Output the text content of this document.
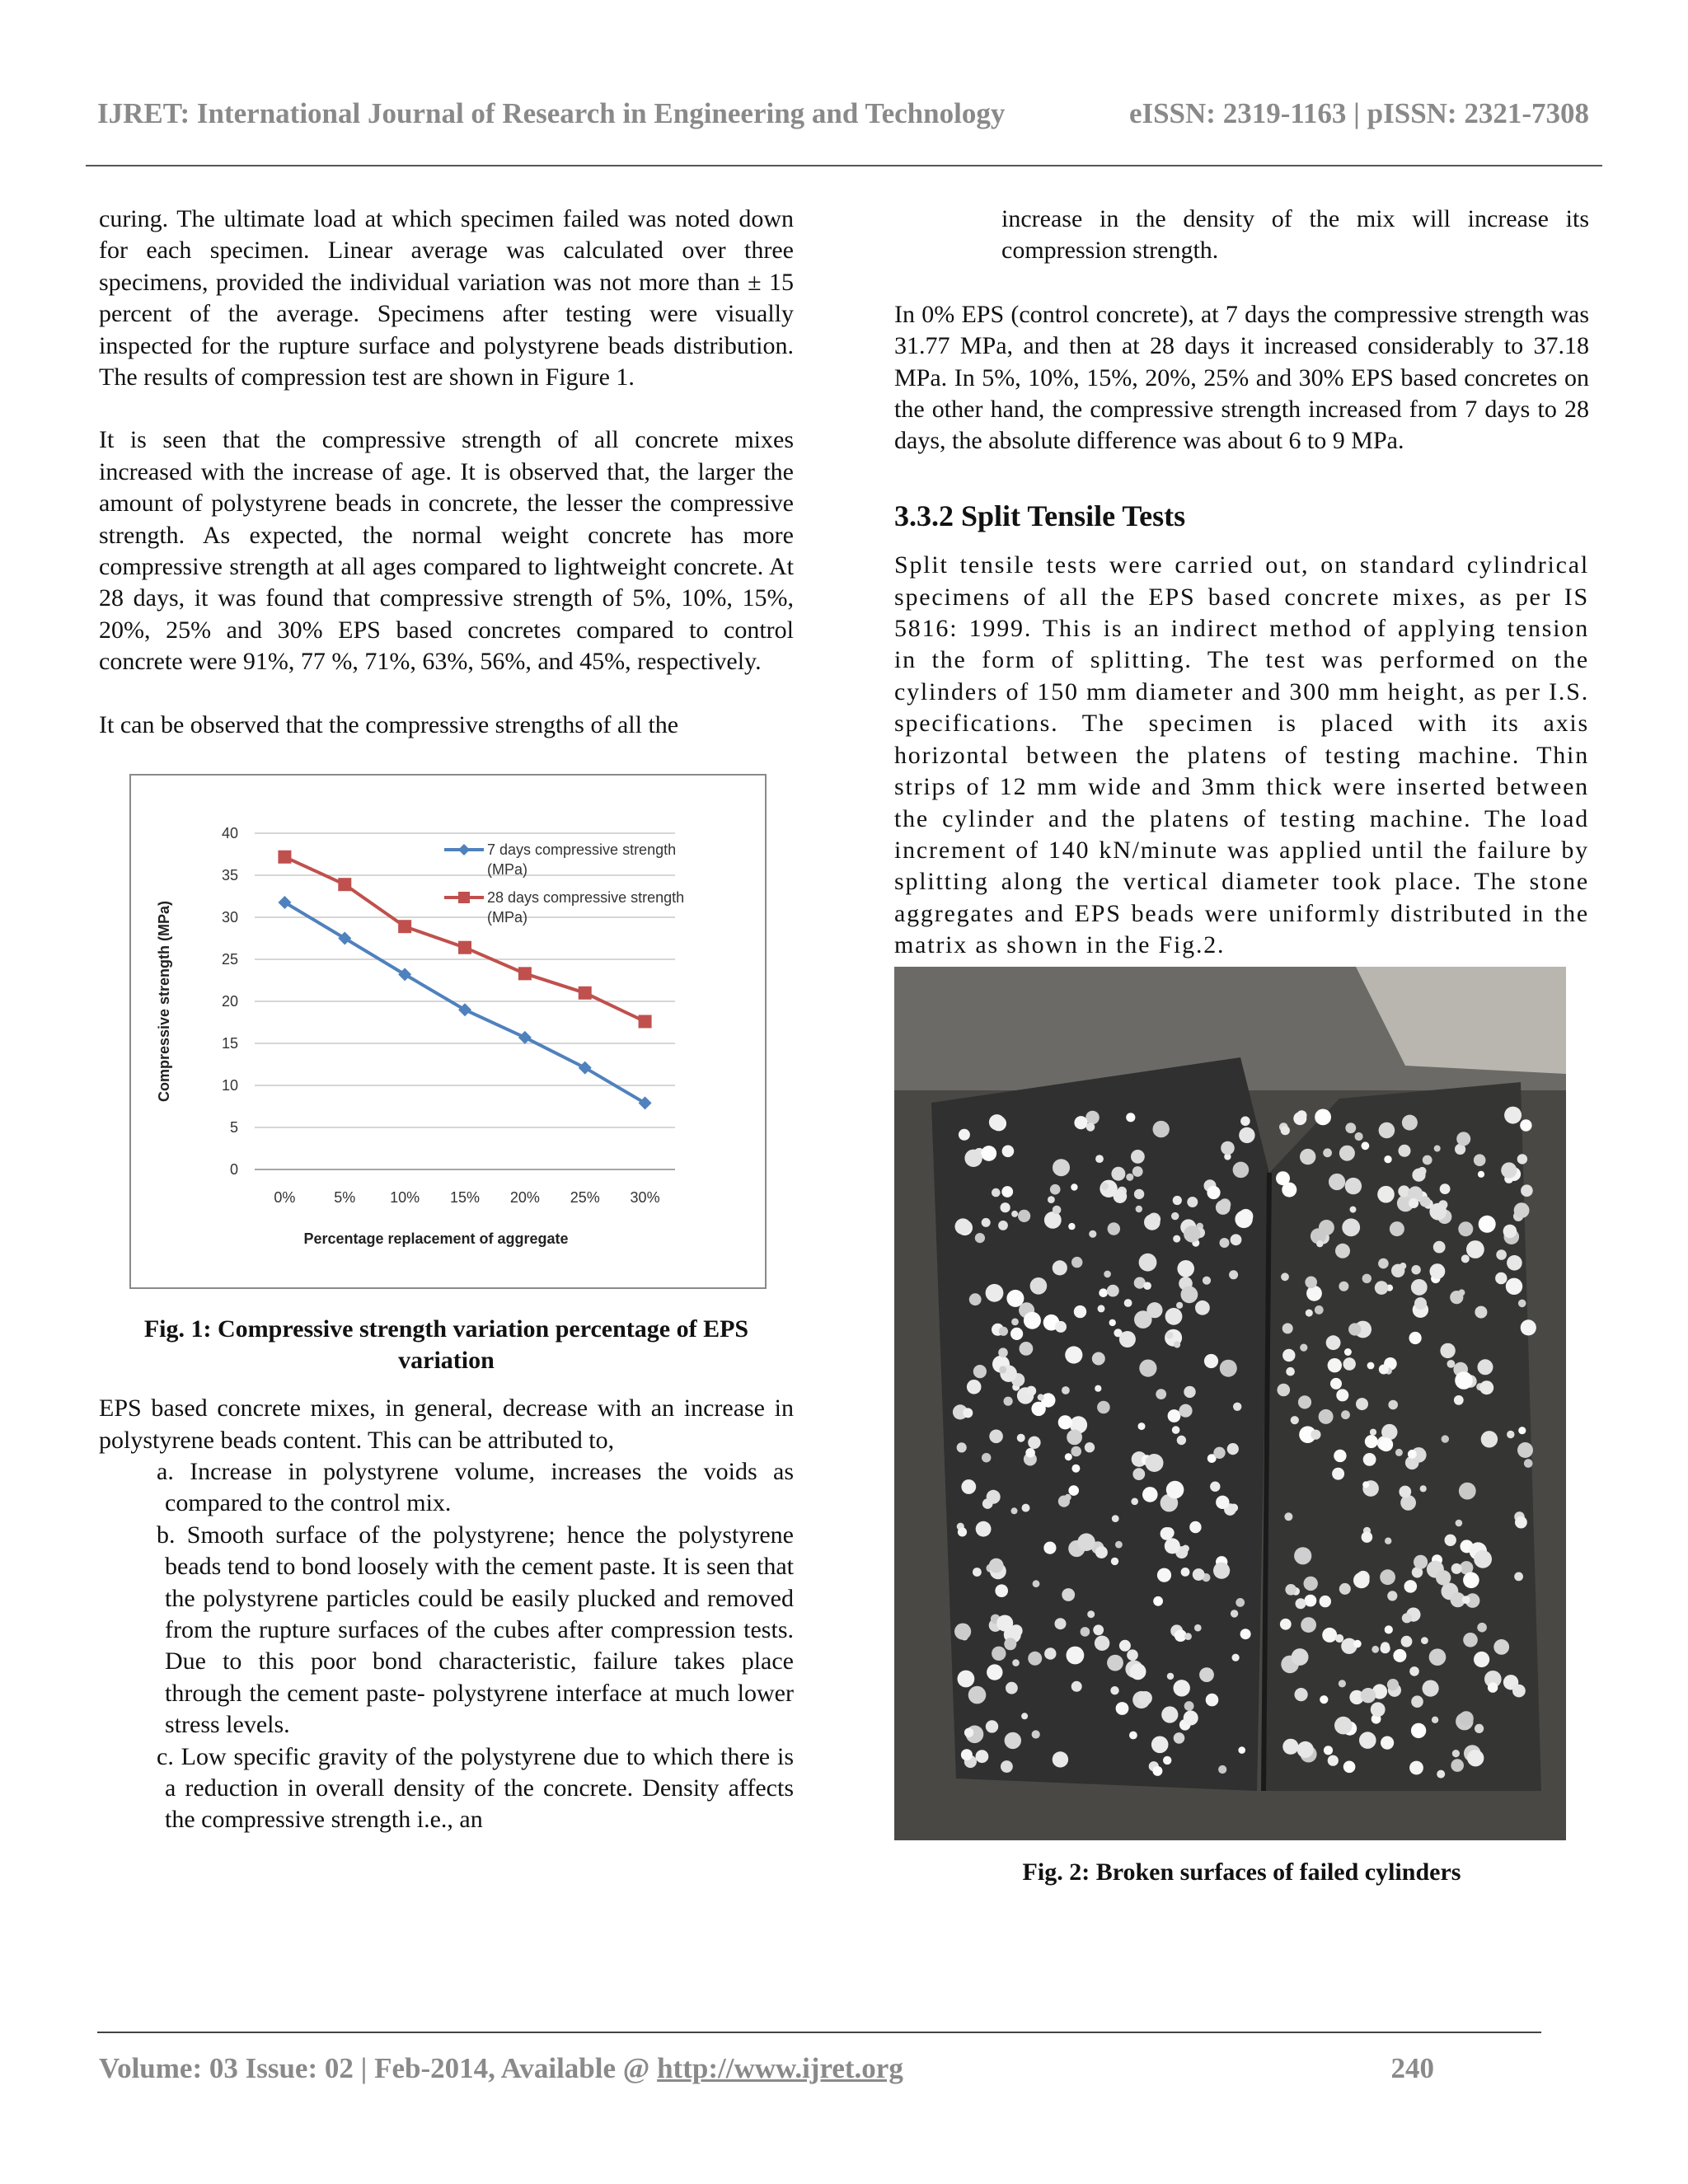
IJRET: International Journal of Research in Engineering and Technology	eISSN: 2319-1163 | pISSN: 2321-7308

curing. The ultimate load at which specimen failed was noted down for each specimen. Linear average was calculated over three specimens, provided the individual variation was not more than ± 15 percent of the average. Specimens after testing were visually inspected for the rupture surface and polystyrene beads distribution. The results of compression test are shown in Figure 1.

It is seen that the compressive strength of all concrete mixes increased with the increase of age. It is observed that, the larger the amount of polystyrene beads in concrete, the lesser the compressive strength. As expected, the normal weight concrete has more compressive strength at all ages compared to lightweight concrete. At 28 days, it was found that compressive strength of 5%, 10%, 15%, 20%, 25% and 30% EPS based concretes compared to control concrete were 91%, 77 %, 71%, 63%, 56%, and 45%, respectively.

It can be observed that the compressive strengths of all the

0
5
10
15
20
25
30
35
40
0%	5% 10% 15% 20% 25% 30%
Percentage replacement of aggregate
Compressive strength (MPa)
7 days compressive strength
(MPa)
28 days compressive strength
(MPa)
Fig. 1: Compressive strength variation percentage of EPS variation

EPS based concrete mixes, in general, decrease with an increase in polystyrene beads content. This can be attributed to,

a. Increase in polystyrene volume, increases the voids as compared to the control mix.
b. Smooth surface of the polystyrene; hence the polystyrene beads tend to bond loosely with the cement paste. It is seen that the polystyrene particles could be easily plucked and removed from the rupture surfaces of the cubes after compression tests. Due to this poor bond characteristic, failure takes place through the cement paste- polystyrene interface at much lower stress levels.
c. Low specific gravity of the polystyrene due to which there is a reduction in overall density of the concrete. Density affects the compressive strength i.e., an

increase in the density of the mix will increase its compression strength.

In 0% EPS (control concrete), at 7 days the compressive strength was 31.77 MPa, and then at 28 days it increased considerably to 37.18 MPa. In 5%, 10%, 15%, 20%, 25% and 30% EPS based concretes on the other hand, the compressive strength increased from 7 days to 28 days, the absolute difference was about 6 to 9 MPa.

3.3.2 Split Tensile Tests

Split tensile tests were carried out, on standard cylindrical specimens of all the EPS based concrete mixes, as per IS 5816: 1999. This is an indirect method of applying tension in the form of splitting. The test was performed on the cylinders of 150 mm diameter and 300 mm height, as per I.S. specifications. The specimen is placed with its axis horizontal between the platens of testing machine. Thin strips of 12 mm wide and 3mm thick were inserted between the cylinder and the platens of testing machine. The load increment of 140 kN/minute was applied until the failure by splitting along the vertical diameter took place. The stone aggregates and EPS beads were uniformly distributed in the matrix as shown in the Fig.2.

Fig. 2: Broken surfaces of failed cylinders
Volume: 03 Issue: 02 | Feb-2014, Available @ http://www.ijret.org	240
